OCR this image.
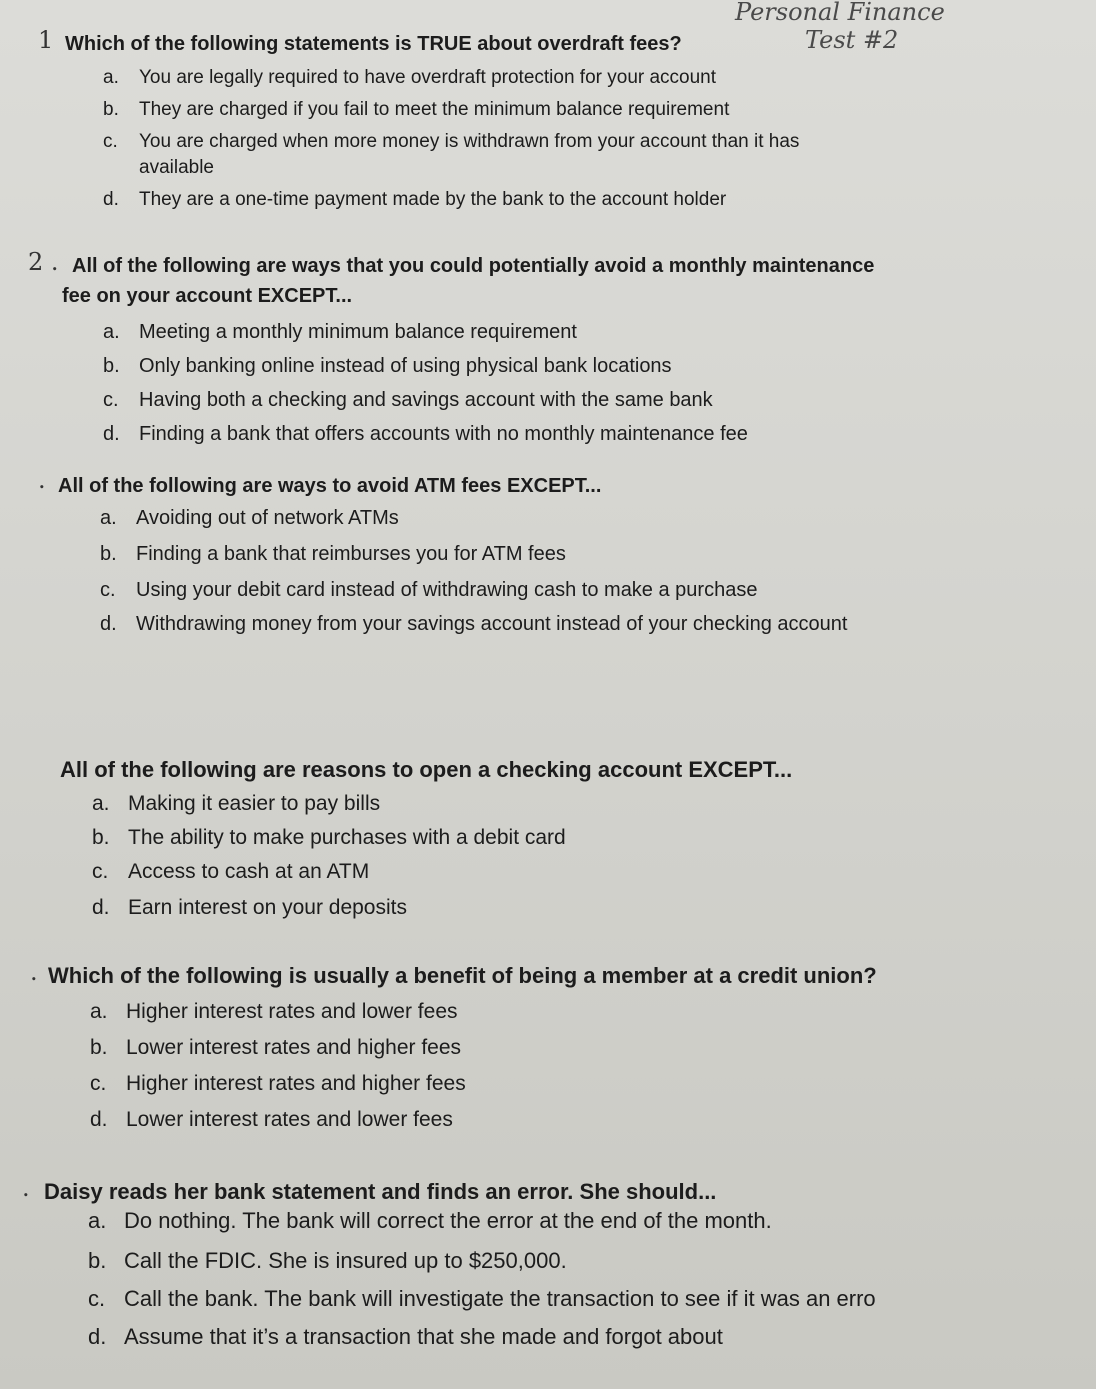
Personal Finance
Test #2
1 Which of the following statements is TRUE about overdraft fees?

a. You are legally required to have overdraft protection for your account

b. They are charged if you fail to meet the minimum balance requirement

c. You are charged when more money is withdrawn from your account than it has

available

d. They are a one-time payment made by the bank to the account holder

2 . All of the following are ways that you could potentially avoid a monthly maintenance

fee on your account EXCEPT...

a. Meeting a monthly minimum balance requirement

b. Only banking online instead of using physical bank locations

c. Having both a checking and savings account with the same bank

d. Finding a bank that offers accounts with no monthly maintenance fee

. All of the following are ways to avoid ATM fees EXCEPT...

a. Avoiding out of network ATMs

b. Finding a bank that reimburses you for ATM fees

c. Using your debit card instead of withdrawing cash to make a purchase

d. Withdrawing money from your savings account instead of your checking account

All of the following are reasons to open a checking account EXCEPT...

a. Making it easier to pay bills

b. The ability to make purchases with a debit card

c. Access to cash at an ATM

d. Earn interest on your deposits

. Which of the following is usually a benefit of being a member at a credit union?

a. Higher interest rates and lower fees

b. Lower interest rates and higher fees

c. Higher interest rates and higher fees

d. Lower interest rates and lower fees

. Daisy reads her bank statement and finds an error. She should...

a. Do nothing. The bank will correct the error at the end of the month.

b. Call the FDIC. She is insured up to $250,000.

c. Call the bank. The bank will investigate the transaction to see if it was an erro

d. Assume that it’s a transaction that she made and forgot about
